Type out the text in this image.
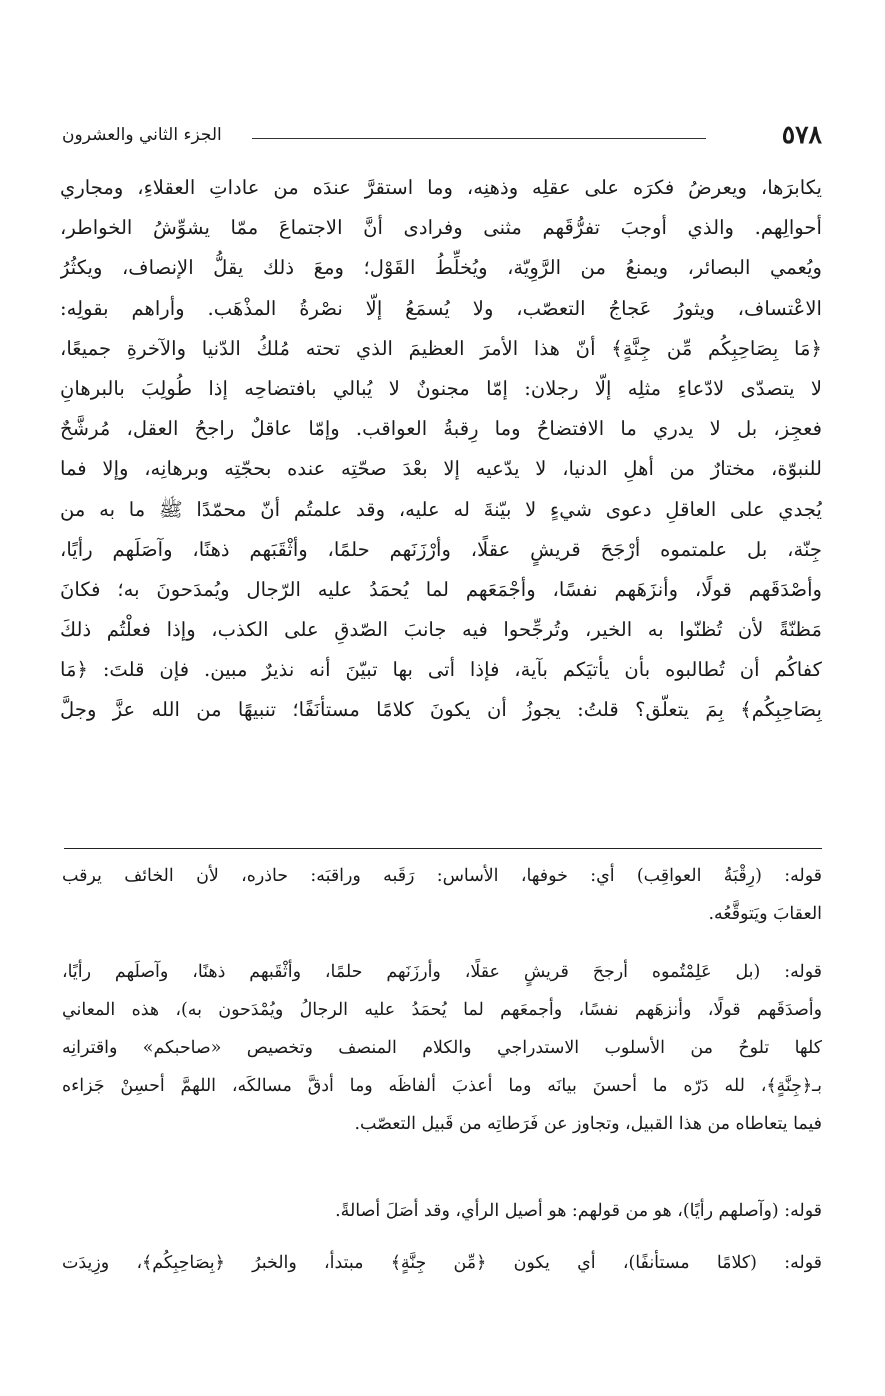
٥٧٨
الجزء الثاني والعشرون
يكابرَها، ويعرضُ فكرَه على عقلِه وذهنِه، وما استقرَّ عندَه من عاداتِ العقلاءِ، ومجاري
أحوالِهم. والذي أوجبَ تفرُّقَهم مثنى وفرادى أنَّ الاجتماعَ ممّا يشوِّشُ الخواطر،
ويُعمي البصائر، ويمنعُ من الرَّوِيّة، ويُخلِّطُ القَوْل؛ ومعَ ذلك يقلُّ الإنصاف، ويكثُرُ
الاعْتساف، ويثورُ عَجاجُ التعصّب، ولا يُسمَعُ إلّا نصْرةُ المذْهَب. وأراهم بقولِه:
﴿مَا بِصَاحِبِكُم مِّن جِنَّةٍ﴾ أنّ هذا الأمرَ العظيمَ الذي تحته مُلكُ الدّنيا والآخرةِ جميعًا،
لا يتصدّى لادّعاءِ مثلِه إلّا رجلان: إمّا مجنونٌ لا يُبالي بافتضاحِه إذا طُولِبَ بالبرهانِ
فعجِز، بل لا يدري ما الافتضاحُ وما رِقبةُ العواقب. وإمّا عاقلٌ راجحُ العقل، مُرشَّحٌ
للنبوّة، مختارٌ من أهلِ الدنيا، لا يدّعيه إلا بعْدَ صحّتِه عنده بحجّتِه وبرهانِه، وإلا فما
يُجدي على العاقلِ دعوى شيءٍ لا بيّنةَ له عليه، وقد علمتُم أنّ محمّدًا ﷺ ما به من
جِنّة، بل علمتموه أرْجَحَ قريشٍ عقلًا، وأرْزَنَهم حلمًا، وأثْقَبَهم ذهنًا، وآصَلَهم رأيًا،
وأصْدَقَهم قولًا، وأنزَهَهم نفسًا، وأجْمَعَهم لما يُحمَدُ عليه الرّجال ويُمدَحونَ به؛ فكانَ
مَظنّةً لأن تُظنّوا به الخير، وتُرجِّحوا فيه جانبَ الصّدقِ على الكذب، وإذا فعلْتُم ذلكَ
كفاكُم أن تُطالبوه بأن يأتيَكم بآية، فإذا أتى بها تبيّنَ أنه نذيرٌ مبين. فإن قلتَ: ﴿مَا
بِصَاحِبِكُم﴾ بِمَ يتعلّق؟ قلتُ: يجوزُ أن يكونَ كلامًا مستأنَفًا؛ تنبيهًا من الله عزَّ وجلَّ
قوله: (رِقْبَةُ العواقِب) أي: خوفها، الأساس: رَقَبه وراقبَه: حاذره، لأن الخائف يرقب
العقابَ ويَتوقَّعُه.
قوله: (بل عَلِمْتُموه أرجحَ قريشٍ عقلًا، وأرزَنَهم حلمًا، وأثْقَبهم ذهنًا، وآصلَهم رأيًا،
وأصدَقَهم قولًا، وأنزهَهم نفسًا، وأجمعَهم لما يُحمَدُ عليه الرجالُ ويُمْدَحون به)، هذه المعاني
كلها تلوحُ من الأسلوب الاستدراجي والكلام المنصف وتخصيص «صاحبكم» واقترانِه
بـ﴿جِنَّةٍ﴾، لله دَرّه ما أحسنَ بيانَه وما أعذبَ ألفاظَه وما أدقَّ مسالكَه، اللهمَّ أحسِنْ جَزاءه
فيما يتعاطاه من هذا القبيل، وتجاوز عن فَرَطاتِه من قَبيل التعصّب.
قوله: (وآصلهم رأيًا)، هو من قولهم: هو أصيل الرأي، وقد أصَلَ أصالةً.
قوله: (كلامًا مستأنفًا)، أي يكون ﴿مِّن جِنَّةٍ﴾ مبتدأ، والخبرُ ﴿بِصَاحِبِكُم﴾، وزِيدَت
